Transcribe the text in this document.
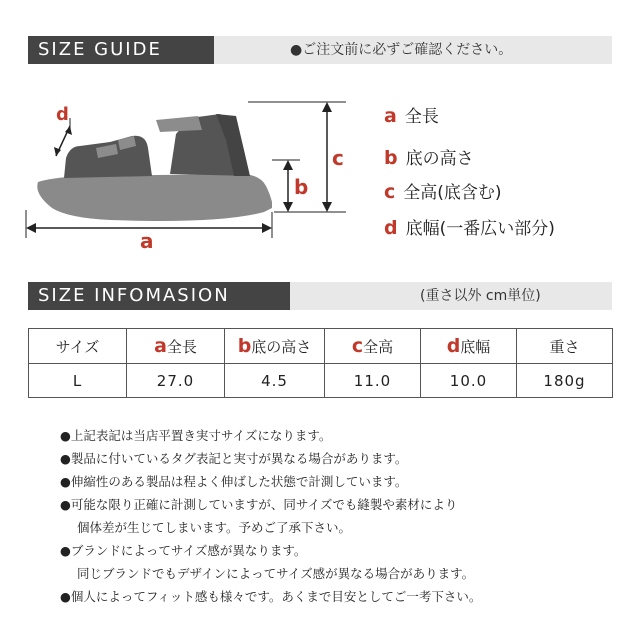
SIZE GUIDE	●ご注文前に必ずご確認ください。
d
c
b
a
a 全長
b 底の高さ
c 全高(底含む)
d 底幅(一番広い部分)
SIZE INFOMASION	(重さ以外 cm単位)
サイズ	a全長	b底の高さ	c全高	d底幅	重さ
L	27.0	4.5	11.0	10.0	180g
●上記表記は当店平置き実寸サイズになります。
●製品に付いているタグ表記と実寸が異なる場合があります。
●伸縮性のある製品は程よく伸ばした状態で計測しています。
●可能な限り正確に計測していますが、同サイズでも縫製や素材により
個体差が生じてしまいます。予めご了承下さい。
●ブランドによってサイズ感が異なります。
同じブランドでもデザインによってサイズ感が異なる場合があります。
●個人によってフィット感も様々です。あくまで目安としてご一考下さい。
